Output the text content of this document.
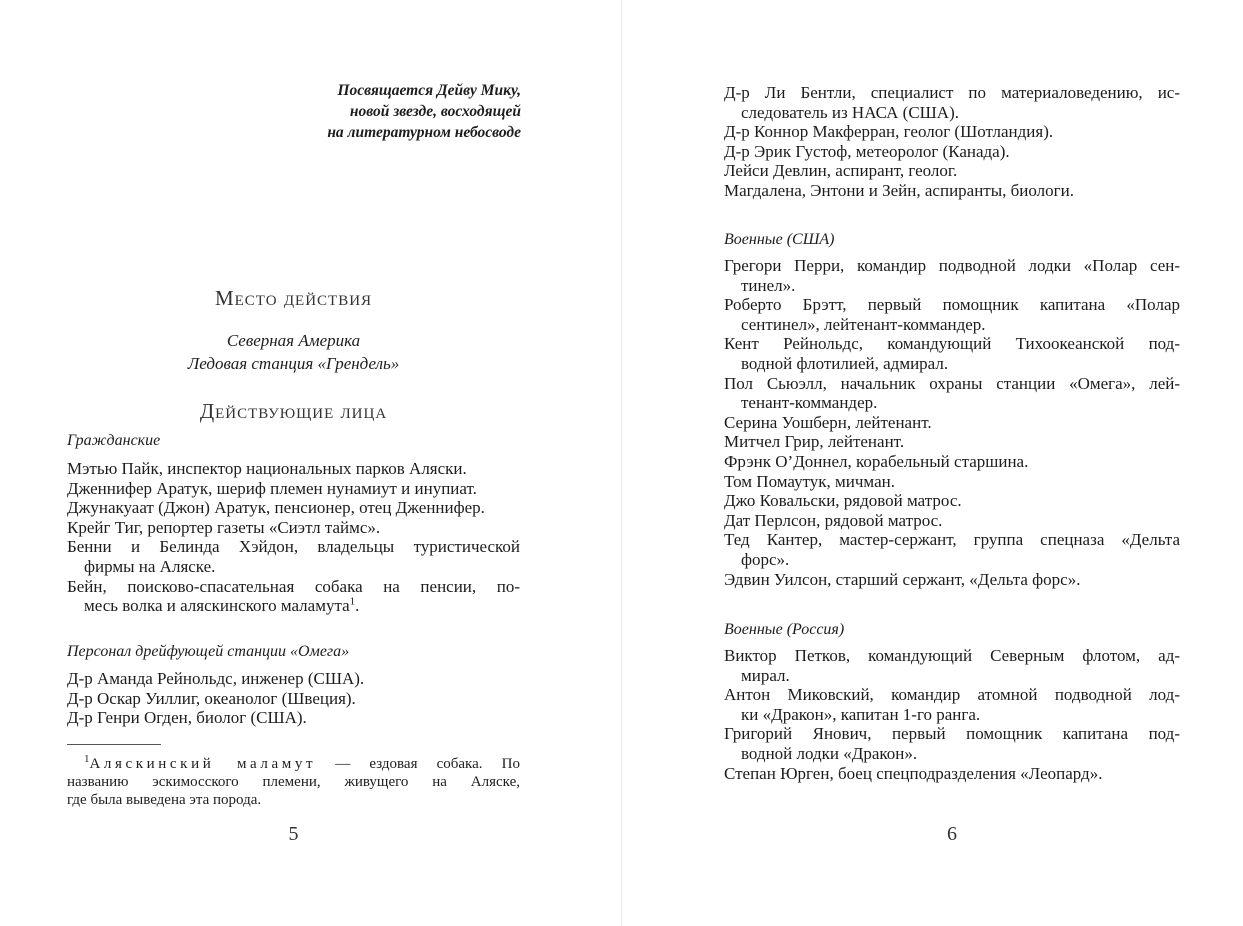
Посвящается Дейву Мику,
новой звезде, восходящей
на литературном небосводе
Место действия
Северная Америка
Ледовая станция «Грендель»
Действующие лица
Гражданские
Мэтью Пайк, инспектор национальных парков Аляски.
Дженнифер Аратук, шериф племен нунамиут и инупиат.
Джунакуаат (Джон) Аратук, пенсионер, отец Дженнифер.
Крейг Тиг, репортер газеты «Сиэтл таймс».
Бенни и Белинда Хэйдон, владельцы туристической
фирмы на Аляске.
Бейн, поисково-спасательная собака на пенсии, по-
месь волка и аляскинского маламута$^1$.
Персонал дрейфующей станции «Омега»
Д-р Аманда Рейнольдс, инженер (США).
Д-р Оскар Уиллиг, океанолог (Швеция).
Д-р Генри Огден, биолог (США).
$^1$Аляскинский маламут — ездовая собака. По
названию эскимосского племени, живущего на Аляске,
где была выведена эта порода.
5
Д-р Ли Бентли, специалист по материаловедению, ис-
следователь из НАСА (США).
Д-р Коннор Макферран, геолог (Шотландия).
Д-р Эрик Густоф, метеоролог (Канада).
Лейси Девлин, аспирант, геолог.
Магдалена, Энтони и Зейн, аспиранты, биологи.
Военные (США)
Грегори Перри, командир подводной лодки «Полар сен-
тинел».
Роберто Брэтт, первый помощник капитана «Полар
сентинел», лейтенант-коммандер.
Кент Рейнольдс, командующий Тихоокеанской под-
водной флотилией, адмирал.
Пол Сьюэлл, начальник охраны станции «Омега», лей-
тенант-коммандер.
Серина Уошберн, лейтенант.
Митчел Грир, лейтенант.
Фрэнк О’Доннел, корабельный старшина.
Том Помаутук, мичман.
Джо Ковальски, рядовой матрос.
Дат Перлсон, рядовой матрос.
Тед Кантер, мастер-сержант, группа спецназа «Дельта
форс».
Эдвин Уилсон, старший сержант, «Дельта форс».
Военные (Россия)
Виктор Петков, командующий Северным флотом, ад-
мирал.
Антон Миковский, командир атомной подводной лод-
ки «Дракон», капитан 1-го ранга.
Григорий Янович, первый помощник капитана под-
водной лодки «Дракон».
Степан Юрген, боец спецподразделения «Леопард».
6
